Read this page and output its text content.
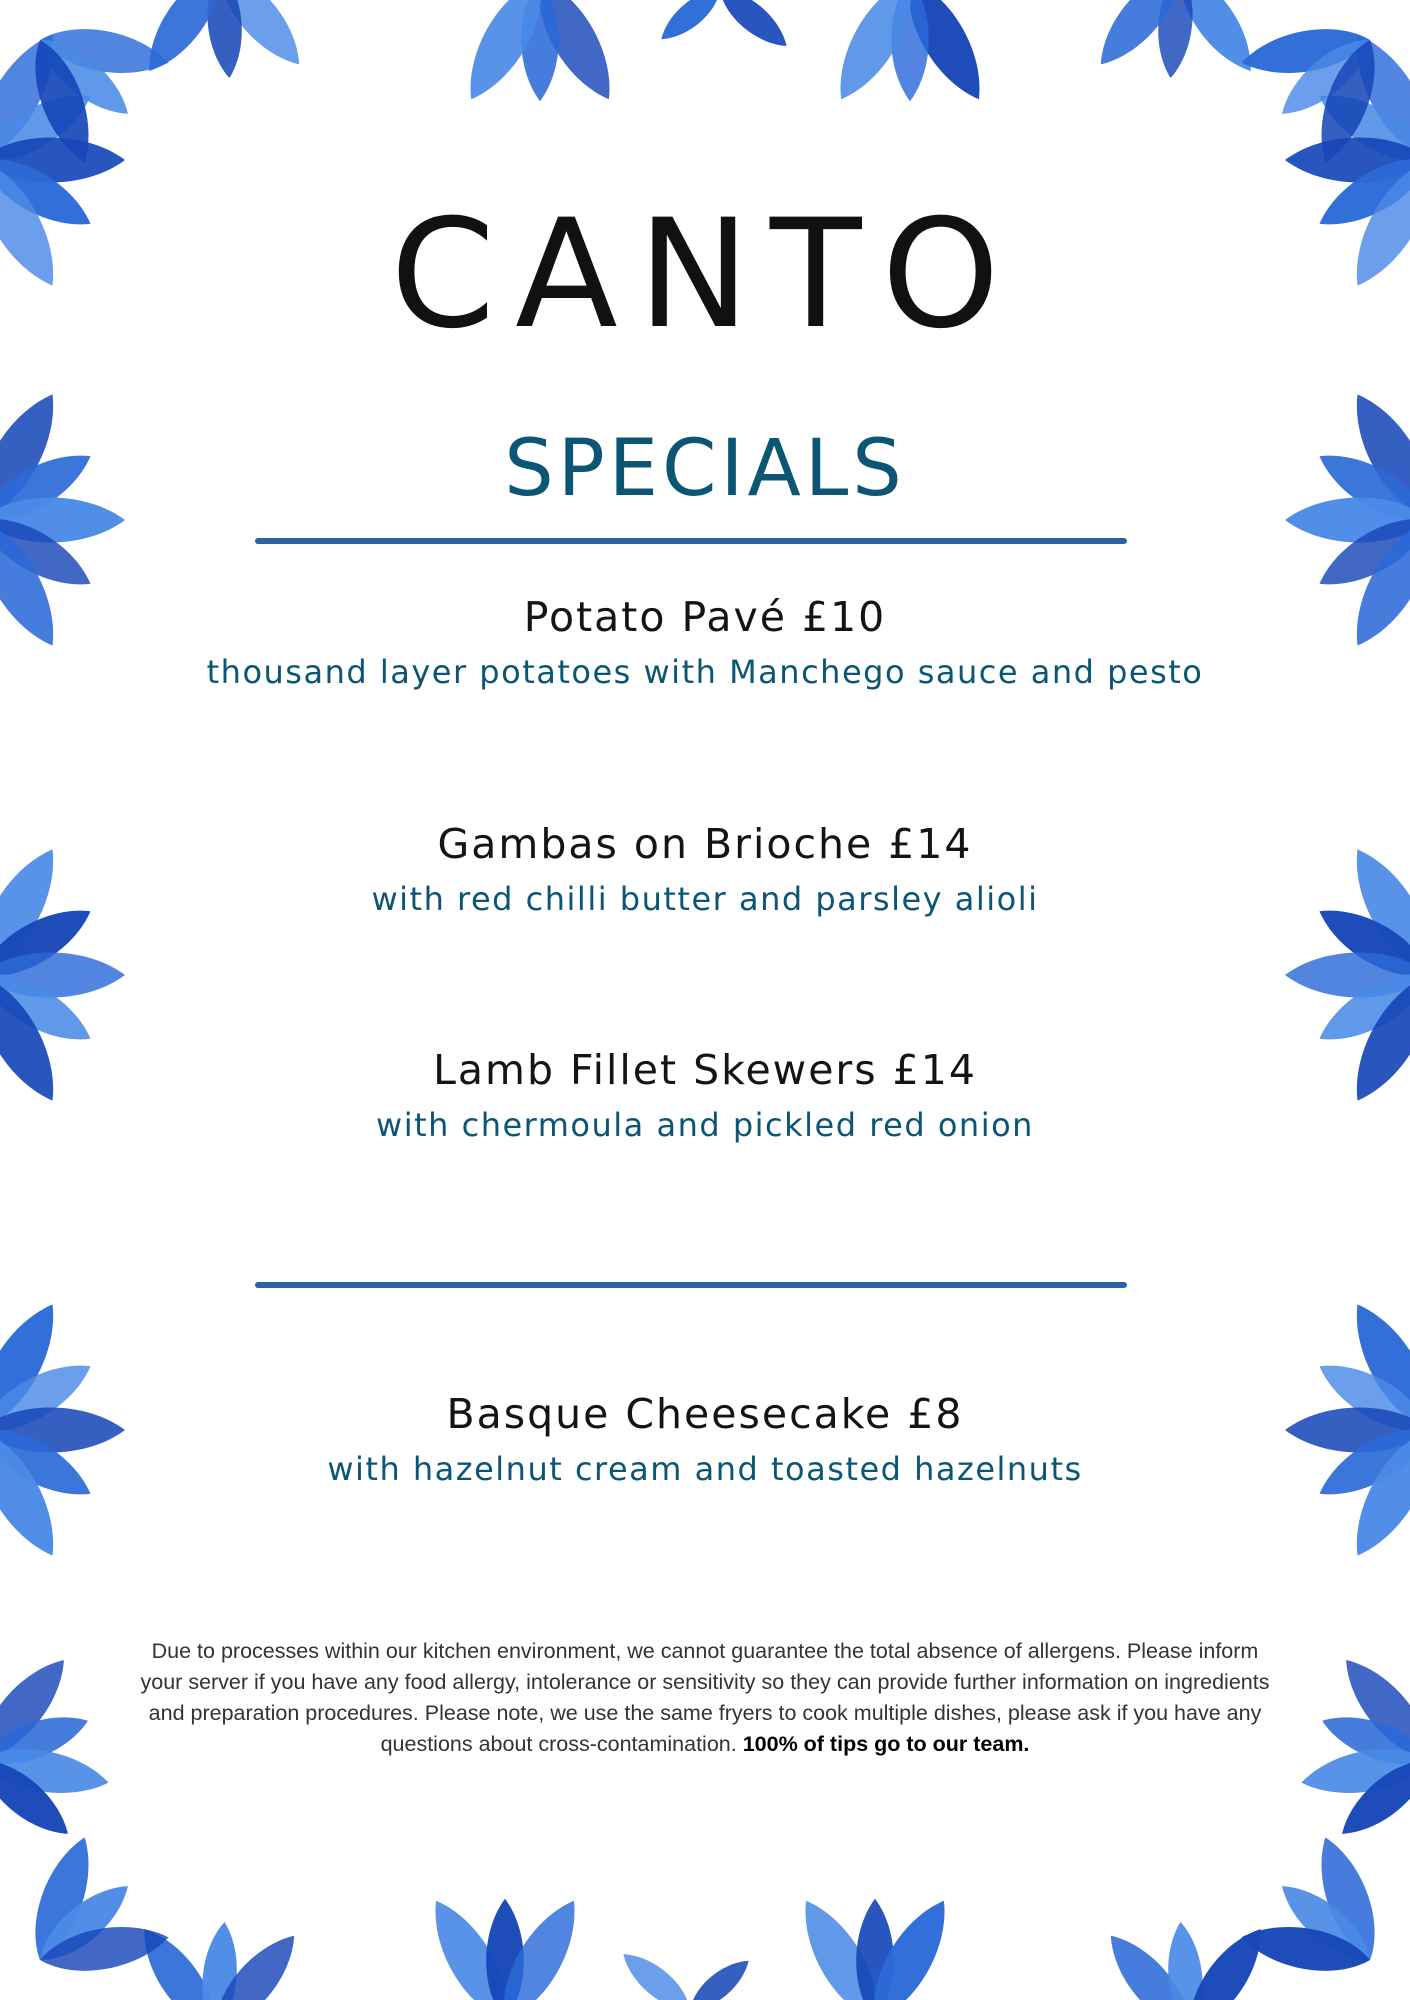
CANTO
SPECIALS
Potato Pavé £10
thousand layer potatoes with Manchego sauce and pesto
Gambas on Brioche £14
with red chilli butter and parsley alioli
Lamb Fillet Skewers £14
with chermoula and pickled red onion
Basque Cheesecake £8
with hazelnut cream and toasted hazelnuts
Due to processes within our kitchen environment, we cannot guarantee the total absence of allergens. Please inform your server if you have any food allergy, intolerance or sensitivity so they can provide further information on ingredients and preparation procedures. Please note, we use the same fryers to cook multiple dishes, please ask if you have any questions about cross-contamination. 100% of tips go to our team.
